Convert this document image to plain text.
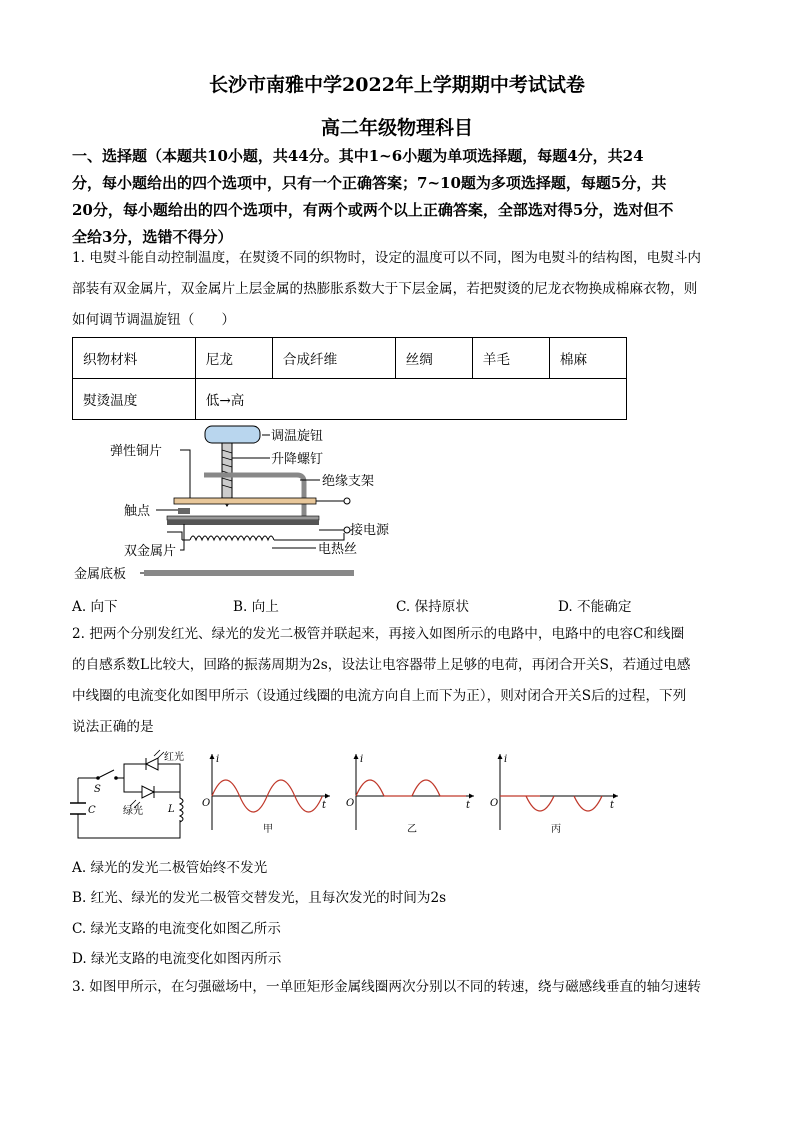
长沙市南雅中学2022年上学期期中考试试卷
高二年级物理科目
一、选择题（本题共10小题，共44分。其中1~6小题为单项选择题，每题4分，共24
分，每小题给出的四个选项中，只有一个正确答案；7~10题为多项选择题，每题5分，共
20分，每小题给出的四个选项中，有两个或两个以上正确答案，全部选对得5分，选对但不
全给3分，选错不得分）
1. 电熨斗能自动控制温度，在熨烫不同的织物时，设定的温度可以不同，图为电熨斗的结构图，电熨斗内
部装有双金属片，双金属片上层金属的热膨胀系数大于下层金属，若把熨烫的尼龙衣物换成棉麻衣物，则
如何调节调温旋钮（　　）
织物材料	尼龙	合成纤维	丝绸	羊毛	棉麻
熨烫温度	低→高				
调温旋钮
升降螺钉
弹性铜片
绝缘支架
触点
接电源
双金属片	电热丝
金属底板
A. 向下	B. 向上	C. 保持原状	D. 不能确定
2. 把两个分别发红光、绿光的发光二极管并联起来，再接入如图所示的电路中，电路中的电容C和线圈
的自感系数L比较大，回路的振荡周期为2s，设法让电容器带上足够的电荷，再闭合开关S，若通过电感
中线圈的电流变化如图甲所示（设通过线圈的电流方向自上而下为正），则对闭合开关S后的过程，下列
说法正确的是
红光
绿光
S
C	L
i
t
O
甲
i
t
O
乙
i
t
O
丙
A. 绿光的发光二极管始终不发光
B. 红光、绿光的发光二极管交替发光，且每次发光的时间为2s
C. 绿光支路的电流变化如图乙所示
D. 绿光支路的电流变化如图丙所示
3. 如图甲所示，在匀强磁场中，一单匝矩形金属线圈两次分别以不同的转速，绕与磁感线垂直的轴匀速转
